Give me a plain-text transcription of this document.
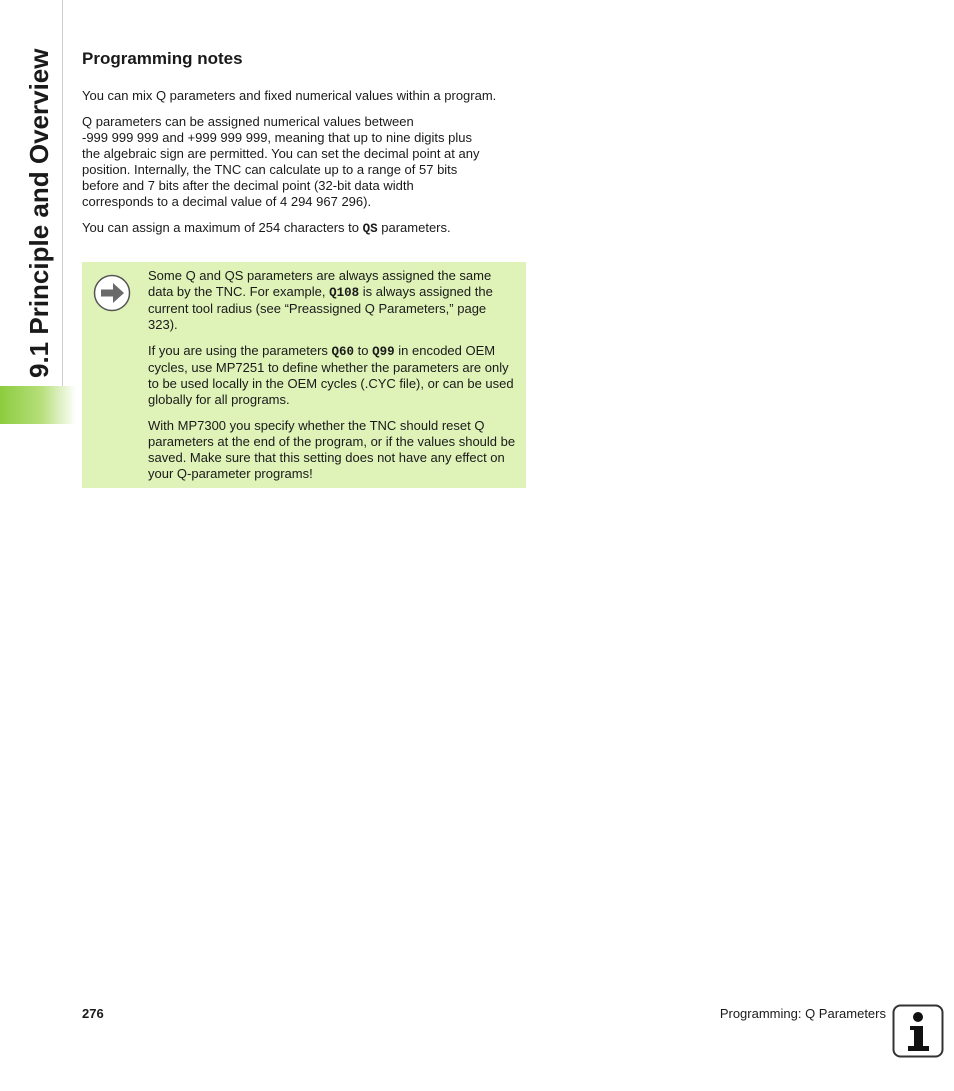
9.1 Principle and Overview Programming notes

You can mix Q parameters and fixed numerical values within a program.

Q parameters can be assigned numerical values between
-999 999 999 and +999 999 999, meaning that up to nine digits plus
the algebraic sign are permitted. You can set the decimal point at any
position. Internally, the TNC can calculate up to a range of 57 bits
before and 7 bits after the decimal point (32-bit data width
corresponds to a decimal value of 4 294 967 296).

You can assign a maximum of 254 characters to QS parameters.

Some Q and QS parameters are always assigned the same data by the TNC. For example, Q108 is always assigned the current tool radius (see “Preassigned Q Parameters,” page 323).

If you are using the parameters Q60 to Q99 in encoded OEM cycles, use MP7251 to define whether the parameters are only to be used locally in the OEM cycles (.CYC file), or can be used globally for all programs.

With MP7300 you specify whether the TNC should reset Q parameters at the end of the program, or if the values should be saved. Make sure that this setting does not have any effect on your Q-parameter programs!

276	Programming: Q Parameters
